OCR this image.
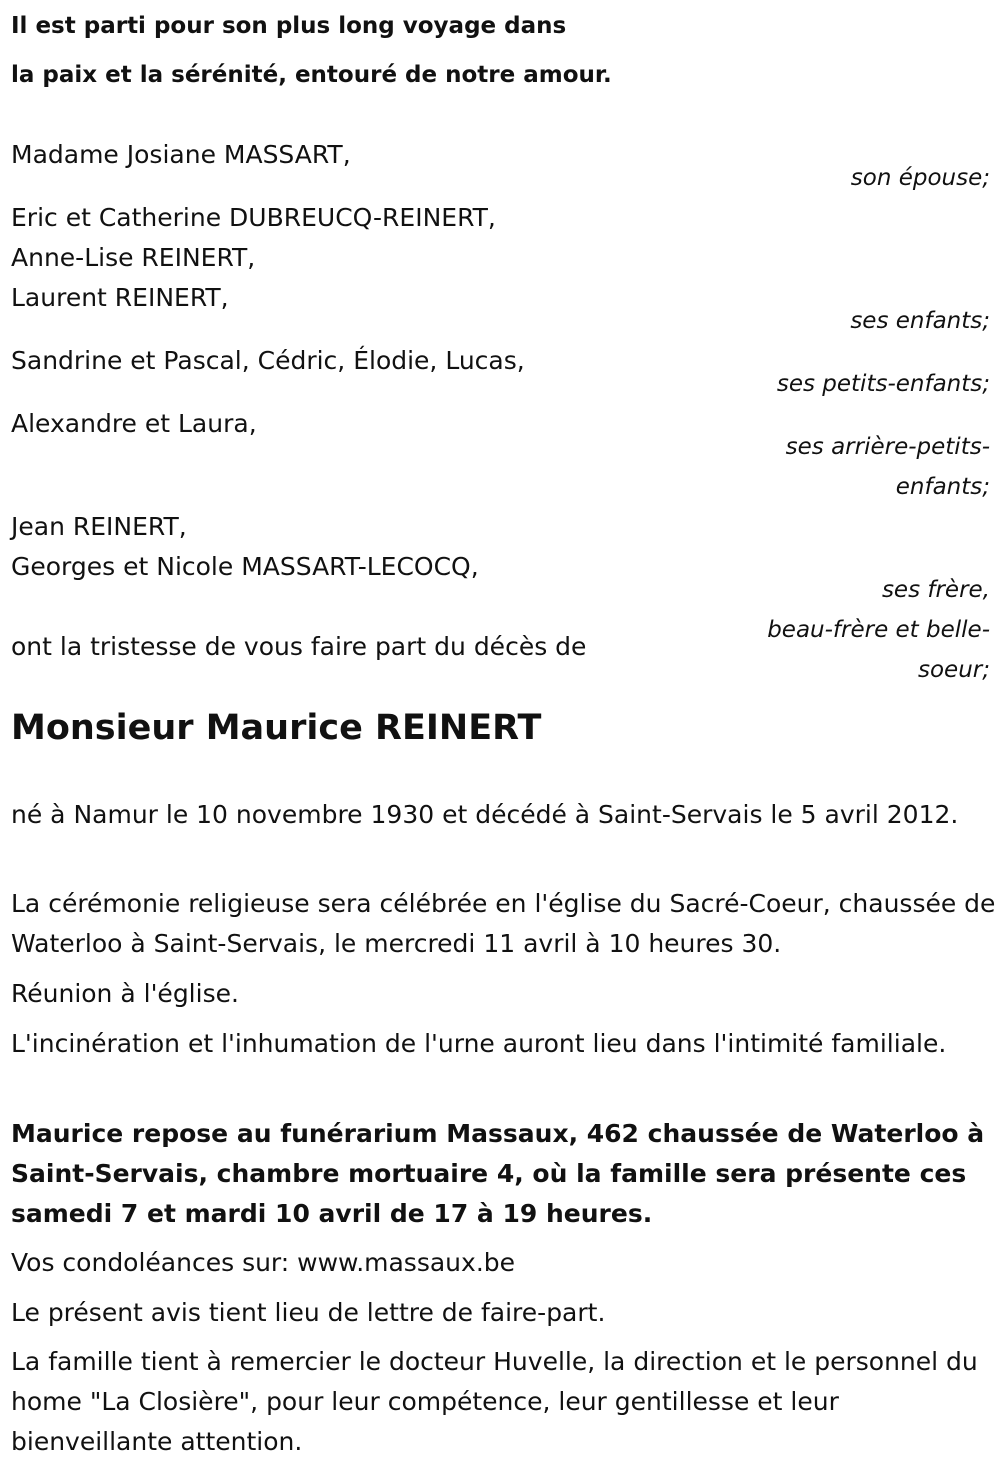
Il est parti pour son plus long voyage dans
la paix et la sérénité, entouré de notre amour.
Madame Josiane MASSART,
son épouse;
Eric et Catherine DUBREUCQ-REINERT,
Anne-Lise REINERT,
Laurent REINERT,
ses enfants;
Sandrine et Pascal, Cédric, Élodie, Lucas,
ses petits-enfants;
Alexandre et Laura,
ses arrière-petits-
enfants;
Jean REINERT,
Georges et Nicole MASSART-LECOCQ,
ses frère,
beau-frère et belle-
soeur;
ont la tristesse de vous faire part du décès de
Monsieur Maurice REINERT
né à Namur le 10 novembre 1930 et décédé à Saint-Servais le 5 avril 2012.
La cérémonie religieuse sera célébrée en l'église du Sacré-Coeur, chaussée de Waterloo à Saint-Servais, le mercredi 11 avril à 10 heures 30.
Réunion à l'église.
L'incinération et l'inhumation de l'urne auront lieu dans l'intimité familiale.
Maurice repose au funérarium Massaux, 462 chaussée de Waterloo à Saint-Servais, chambre mortuaire 4, où la famille sera présente ces samedi 7 et mardi 10 avril de 17 à 19 heures.
Vos condoléances sur: www.massaux.be
Le présent avis tient lieu de lettre de faire-part.
La famille tient à remercier le docteur Huvelle, la direction et le personnel du home "La Closière", pour leur compétence, leur gentillesse et leur bienveillante attention.
